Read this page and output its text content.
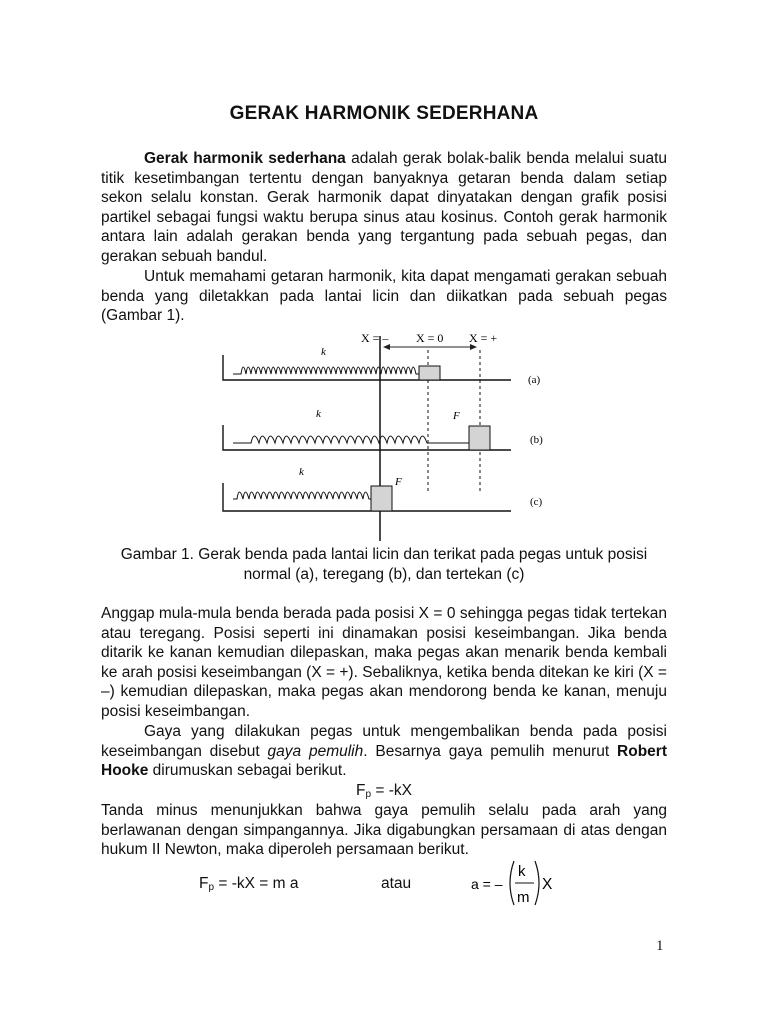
GERAK HARMONIK SEDERHANA

Gerak harmonik sederhana adalah gerak bolak-balik benda melalui suatu titik kesetimbangan tertentu dengan banyaknya getaran benda dalam setiap sekon selalu konstan. Gerak harmonik dapat dinyatakan dengan grafik posisi partikel sebagai fungsi waktu berupa sinus atau kosinus. Contoh gerak harmonik antara lain adalah gerakan benda yang tergantung pada sebuah pegas, dan gerakan sebuah bandul.

Untuk memahami getaran harmonik, kita dapat mengamati gerakan sebuah benda yang diletakkan pada lantai licin dan diikatkan pada sebuah pegas (Gambar 1).

Gambar 1. Gerak benda pada lantai licin dan terikat pada pegas untuk posisi normal (a), teregang (b), dan tertekan (c)

Anggap mula-mula benda berada pada posisi X = 0 sehingga pegas tidak tertekan atau teregang. Posisi seperti ini dinamakan posisi keseimbangan. Jika benda ditarik ke kanan kemudian dilepaskan, maka pegas akan menarik benda kembali ke arah posisi keseimbangan (X = +). Sebaliknya, ketika benda ditekan ke kiri (X = –) kemudian dilepaskan, maka pegas akan mendorong benda ke kanan, menuju posisi keseimbangan.

Gaya yang dilakukan pegas untuk mengembalikan benda pada posisi keseimbangan disebut gaya pemulih. Besarnya gaya pemulih menurut Robert Hooke dirumuskan sebagai berikut.

$F_p = -kX$

Tanda minus menunjukkan bahwa gaya pemulih selalu pada arah yang berlawanan dengan simpangannya. Jika digabungkan persamaan di atas dengan hukum II Newton, maka diperoleh persamaan berikut.

$F_p = -kX = m$ a	atau	a = –
k
m
X
X = – X = 0 X = +
k
(a)
k	F
(b)
k
F
(c)
1
